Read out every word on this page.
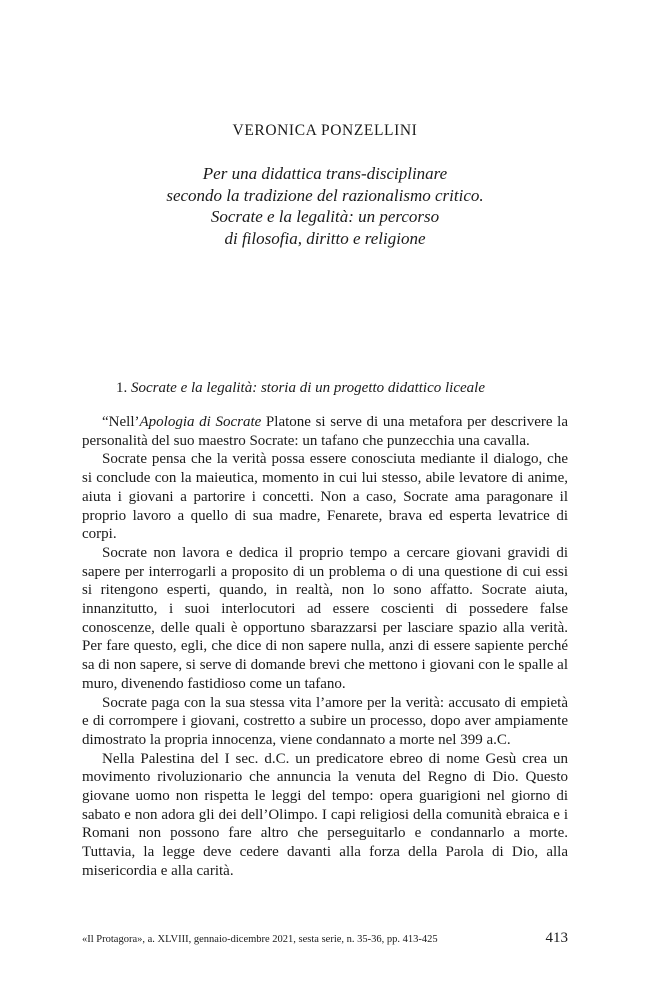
VERONICA PONZELLINI
Per una didattica trans-disciplinare
secondo la tradizione del razionalismo critico.
Socrate e la legalità: un percorso
di filosofia, diritto e religione
1. Socrate e la legalità: storia di un progetto didattico liceale

“Nell’Apologia di Socrate Platone si serve di una metafora per descrivere la personalità del suo maestro Socrate: un tafano che punzecchia una cavalla.

Socrate pensa che la verità possa essere conosciuta mediante il dialogo, che si conclude con la maieutica, momento in cui lui stesso, abile levatore di anime, aiuta i giovani a partorire i concetti. Non a caso, Socrate ama paragonare il proprio lavoro a quello di sua madre, Fenarete, brava ed esperta levatrice di corpi.

Socrate non lavora e dedica il proprio tempo a cercare giovani gravidi di sapere per interrogarli a proposito di un problema o di una questione di cui essi si ritengono esperti, quando, in realtà, non lo sono affatto. Socrate aiuta, innanzitutto, i suoi interlocutori ad essere coscienti di possedere false conoscenze, delle quali è opportuno sbarazzarsi per lasciare spazio alla verità. Per fare questo, egli, che dice di non sapere nulla, anzi di essere sapiente perché sa di non sapere, si serve di domande brevi che mettono i giovani con le spalle al muro, divenendo fastidioso come un tafano.

Socrate paga con la sua stessa vita l’amore per la verità: accusato di empietà e di corrompere i giovani, costretto a subire un processo, dopo aver ampiamente dimostrato la propria innocenza, viene condannato a morte nel 399 a.C.

Nella Palestina del I sec. d.C. un predicatore ebreo di nome Gesù crea un movimento rivoluzionario che annuncia la venuta del Regno di Dio. Questo giovane uomo non rispetta le leggi del tempo: opera guarigioni nel giorno di sabato e non adora gli dei dell’Olimpo. I capi religiosi della comunità ebraica e i Romani non possono fare altro che perseguitarlo e condannarlo a morte. Tuttavia, la legge deve cedere davanti alla forza della Parola di Dio, alla misericordia e alla carità.

«Il Protagora», a. XLVIII, gennaio-dicembre 2021, sesta serie, n. 35-36, pp. 413-425	413
